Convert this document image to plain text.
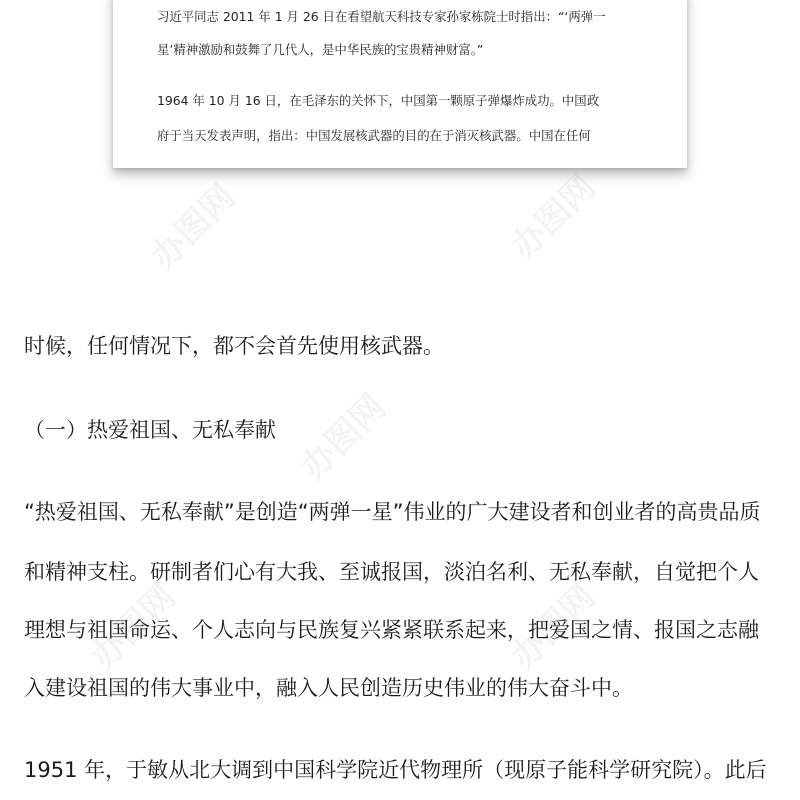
办图网	办图网
办图网
办图网	办图网
习近平同志 2011 年 1 月 26 日在看望航天科技专家孙家栋院士时指出：“‘两弹一
星’精神激励和鼓舞了几代人，是中华民族的宝贵精神财富。”
1964 年 10 月 16 日，在毛泽东的关怀下，中国第一颗原子弹爆炸成功。中国政
府于当天发表声明，指出：中国发展核武器的目的在于消灭核武器。中国在任何
时候，任何情况下，都不会首先使用核武器。
（一）热爱祖国、无私奉献
“热爱祖国、无私奉献”是创造“两弹一星”伟业的广大建设者和创业者的高贵品质
和精神支柱。研制者们心有大我、至诚报国，淡泊名利、无私奉献，自觉把个人
理想与祖国命运、个人志向与民族复兴紧紧联系起来，把爱国之情、报国之志融
入建设祖国的伟大事业中，融入人民创造历史伟业的伟大奋斗中。
1951 年，于敏从北大调到中国科学院近代物理所（现原子能科学研究院）。此后
